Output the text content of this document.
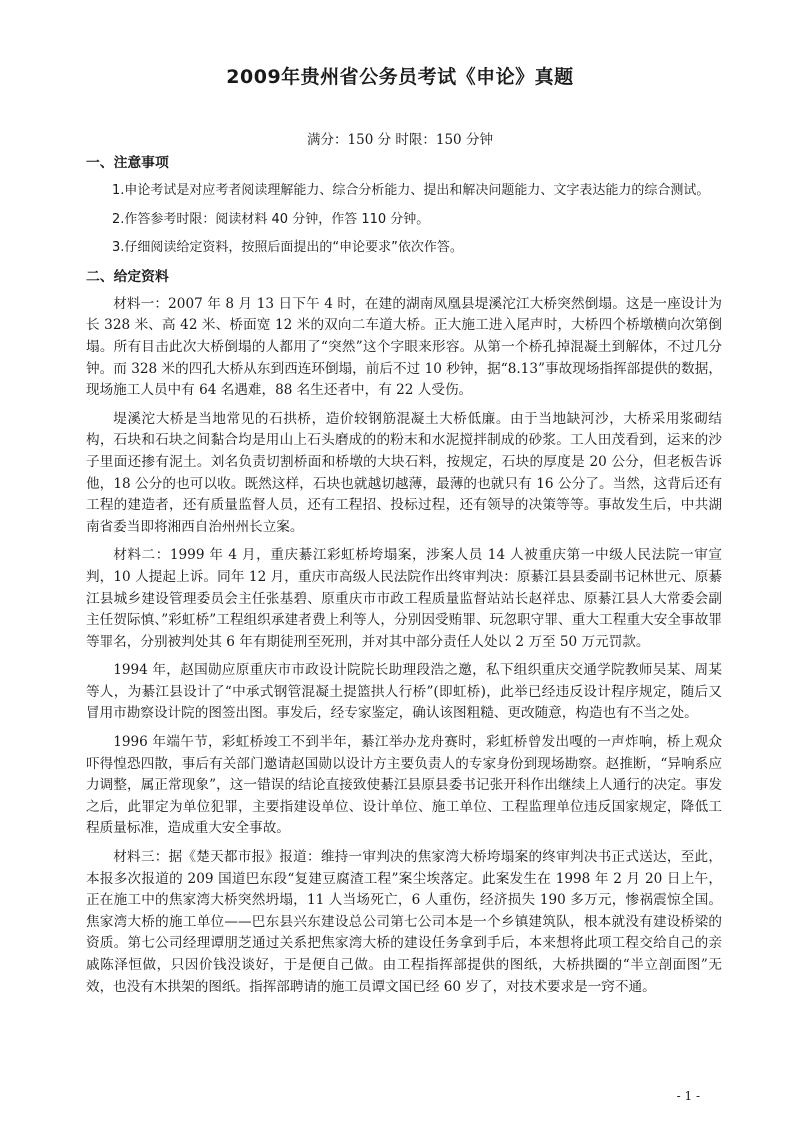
2009年贵州省公务员考试《申论》真题
满分：150 分 时限：150 分钟
一、注意事项

1.申论考试是对应考者阅读理解能力、综合分析能力、提出和解决问题能力、文字表达能力的综合测试。

2.作答参考时限：阅读材料 40 分钟，作答 110 分钟。

3.仔细阅读给定资料，按照后面提出的“申论要求”依次作答。

二、给定资料

材料一：2007 年 8 月 13 日下午 4 时，在建的湖南凤凰县堤溪沱江大桥突然倒塌。这是一座设计为长 328 米、高 42 米、桥面宽 12 米的双向二车道大桥。正大施工进入尾声时，大桥四个桥墩横向次第倒塌。所有目击此次大桥倒塌的人都用了“突然”这个字眼来形容。从第一个桥孔掉混凝土到解体，不过几分钟。而 328 米的四孔大桥从东到西连环倒塌，前后不过 10 秒钟，据“8.13”事故现场指挥部提供的数据，现场施工人员中有 64 名遇难，88 名生还者中，有 22 人受伤。

堤溪沱大桥是当地常见的石拱桥，造价较钢筋混凝土大桥低廉。由于当地缺河沙，大桥采用浆砌结构，石块和石块之间黏合均是用山上石头磨成的的粉末和水泥搅拌制成的砂浆。工人田茂看到，运来的沙子里面还掺有泥土。刘名负责切割桥面和桥墩的大块石料，按规定，石块的厚度是 20 公分，但老板告诉他，18 公分的也可以收。既然这样，石块也就越切越薄，最薄的也就只有 16 公分了。当然，这背后还有工程的建造者，还有质量监督人员，还有工程招、投标过程，还有领导的决策等等。事故发生后，中共湖南省委当即将湘西自治州州长立案。

材料二：1999 年 4 月，重庆綦江彩虹桥垮塌案，涉案人员 14 人被重庆第一中级人民法院一审宣判，10 人提起上诉。同年 12 月，重庆市高级人民法院作出终审判决：原綦江县县委副书记林世元、原綦江县城乡建设管理委员会主任张基碧、原重庆市市政工程质量监督站站长赵祥忠、原綦江县人大常委会副主任贺际慎、”彩虹桥”工程组织承建者费上利等人，分别因受贿罪、玩忽职守罪、重大工程重大安全事故罪等罪名，分别被判处其 6 年有期徒刑至死刑，并对其中部分责任人处以 2 万至 50 万元罚款。

1994 年，赵国勋应原重庆市市政设计院院长助理段浩之邀，私下组织重庆交通学院教师吴某、周某等人，为綦江县设计了“中承式钢管混凝土提篮拱人行桥”(即虹桥)，此举已经违反设计程序规定，随后又冒用市勘察设计院的图签出图。事发后，经专家鉴定，确认该图粗糙、更改随意，构造也有不当之处。

1996 年端午节，彩虹桥竣工不到半年，綦江举办龙舟赛时，彩虹桥曾发出嘎的一声炸响，桥上观众吓得惶恐四散，事后有关部门邀请赵国勋以设计方主要负责人的专家身份到现场勘察。赵推断，“异响系应力调整，属正常现象”，这一错误的结论直接致使綦江县原县委书记张开科作出继续上人通行的决定。事发之后，此罪定为单位犯罪，主要指建设单位、设计单位、施工单位、工程监理单位违反国家规定，降低工程质量标准，造成重大安全事故。

材料三：据《楚天都市报》报道：维持一审判决的焦家湾大桥垮塌案的终审判决书正式送达，至此，本报多次报道的 209 国道巴东段“复建豆腐渣工程”案尘埃落定。此案发生在 1998 年 2 月 20 日上午，正在施工中的焦家湾大桥突然坍塌，11 人当场死亡，6 人重伤，经济损失 190 多万元，惨祸震惊全国。焦家湾大桥的施工单位——巴东县兴东建设总公司第七公司本是一个乡镇建筑队，根本就没有建设桥梁的资质。第七公司经理谭朋芝通过关系把焦家湾大桥的建设任务拿到手后，本来想将此项工程交给自己的亲戚陈泽恒做，只因价钱没谈好，于是便自己做。由工程指挥部提供的图纸，大桥拱圈的“半立剖面图”无效，也没有木拱架的图纸。指挥部聘请的施工员谭文国已经 60 岁了，对技术要求是一窍不通。

- 1 -
